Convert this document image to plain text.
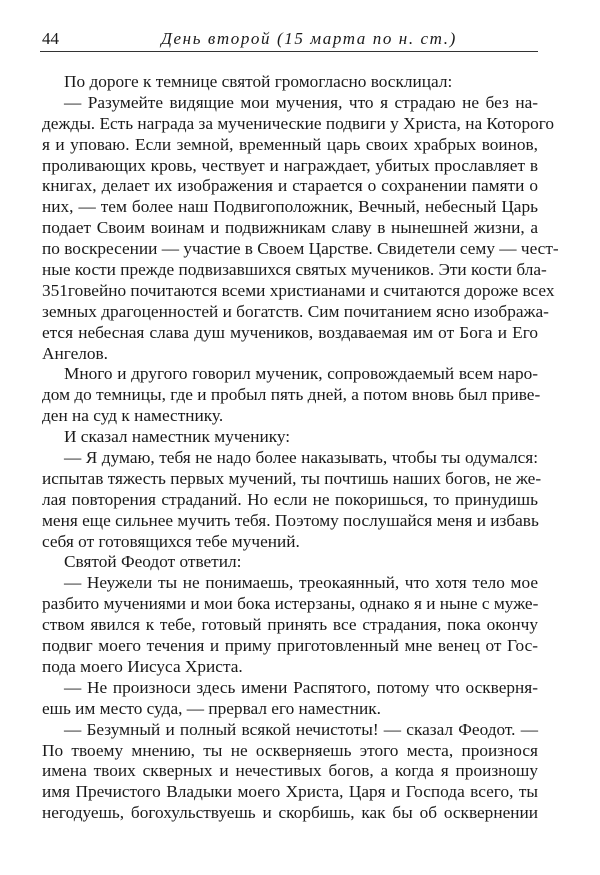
44	День второй (15 марта по н. ст.)
По дороге к темнице святой громогласно восклицал:
— Разумейте видящие мои мучения, что я страдаю не без на-
дежды. Есть награда за мученические подвиги у Христа, на Которого
я и уповаю. Если земной, временный царь своих храбрых воинов,
проливающих кровь, чествует и награждает, убитых прославляет в
книгах, делает их изображения и старается о сохранении памяти о
них, — тем более наш Подвигоположник, Вечный, небесный Царь
подает Своим воинам и подвижникам славу в нынешней жизни, а
по воскресении — участие в Своем Царстве. Свидетели сему — чест-
ные кости прежде подвизавшихся святых мучеников. Эти кости бла-
351говейно почитаются всеми христианами и считаются дороже всех
земных драгоценностей и богатств. Сим почитанием ясно изобража-
ется небесная слава душ мучеников, воздаваемая им от Бога и Его
Ангелов.
Много и другого говорил мученик, сопровождаемый всем наро-
дом до темницы, где и пробыл пять дней, а потом вновь был приве-
ден на суд к наместнику.
И сказал наместник мученику:
— Я думаю, тебя не надо более наказывать, чтобы ты одумался:
испытав тяжесть первых мучений, ты почтишь наших богов, не же-
лая повторения страданий. Но если не покоришься, то принудишь
меня еще сильнее мучить тебя. Поэтому послушайся меня и избавь
себя от готовящихся тебе мучений.
Святой Феодот ответил:
— Неужели ты не понимаешь, треокаянный, что хотя тело мое
разбито мучениями и мои бока истерзаны, однако я и ныне с муже-
ством явился к тебе, готовый принять все страдания, пока окончу
подвиг моего течения и приму приготовленный мне венец от Гос-
пода моего Иисуса Христа.
— Не произноси здесь имени Распятого, потому что оскверня-
ешь им место суда, — прервал его наместник.
— Безумный и полный всякой нечистоты! — сказал Феодот. —
По твоему мнению, ты не оскверняешь этого места, произнося
имена твоих скверных и нечестивых богов, а когда я произношу
имя Пречистого Владыки моего Христа, Царя и Господа всего, ты
негодуешь, богохульствуешь и скорбишь, как бы об осквернении
